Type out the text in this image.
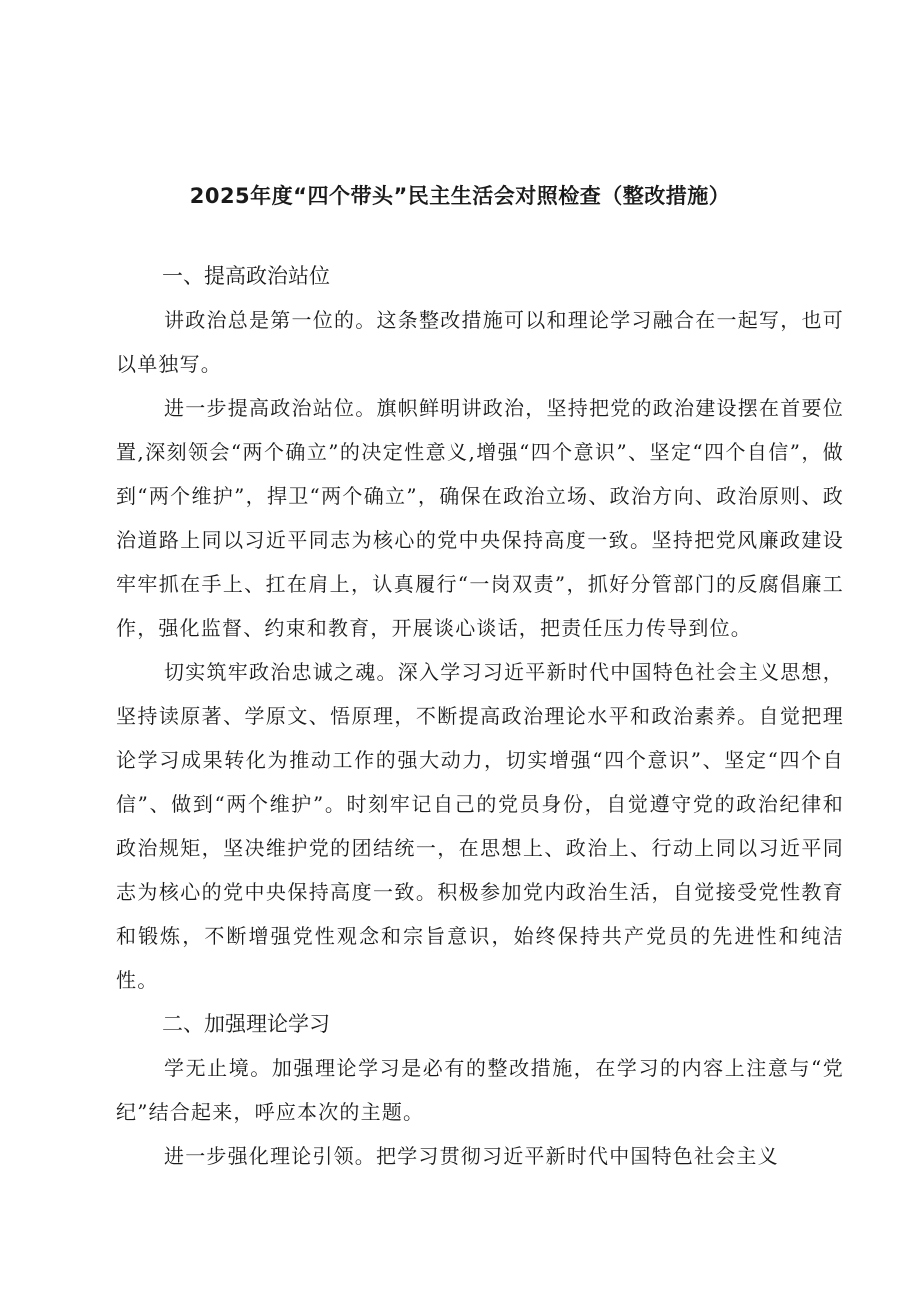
2025年度“四个带头”民主生活会对照检查（整改措施）
一、提高政治站位

讲政治总是第一位的。这条整改措施可以和理论学习融合在一起写，也可以单独写。

进一步提高政治站位。旗帜鲜明讲政治，坚持把党的政治建设摆在首要位置,深刻领会“两个确立”的决定性意义,增强“四个意识”、坚定“四个自信”，做到“两个维护”，捍卫“两个确立”，确保在政治立场、政治方向、政治原则、政治道路上同以习近平同志为核心的党中央保持高度一致。坚持把党风廉政建设牢牢抓在手上、扛在肩上，认真履行“一岗双责”，抓好分管部门的反腐倡廉工作，强化监督、约束和教育，开展谈心谈话，把责任压力传导到位。

切实筑牢政治忠诚之魂。深入学习习近平新时代中国特色社会主义思想，坚持读原著、学原文、悟原理，不断提高政治理论水平和政治素养。自觉把理论学习成果转化为推动工作的强大动力，切实增强“四个意识”、坚定“四个自信”、做到“两个维护”。时刻牢记自己的党员身份，自觉遵守党的政治纪律和政治规矩，坚决维护党的团结统一，在思想上、政治上、行动上同以习近平同志为核心的党中央保持高度一致。积极参加党内政治生活，自觉接受党性教育和锻炼，不断增强党性观念和宗旨意识，始终保持共产党员的先进性和纯洁性。

二、加强理论学习

学无止境。加强理论学习是必有的整改措施，在学习的内容上注意与“党纪”结合起来，呼应本次的主题。

进一步强化理论引领。把学习贯彻习近平新时代中国特色社会主义
